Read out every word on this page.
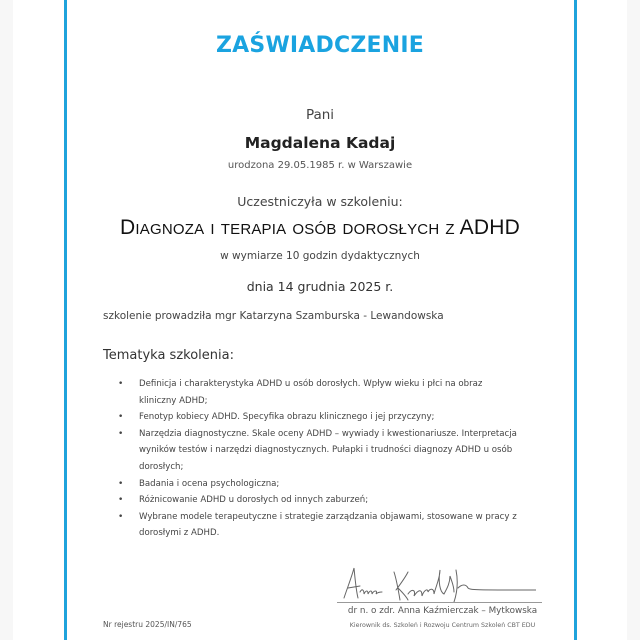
ZAŚWIADCZENIE
Pani
Magdalena Kadaj
urodzona 29.05.1985 r. w Warszawie
Uczestniczyła w szkoleniu:
Diagnoza i terapia osób dorosłych z ADHD
w wymiarze 10 godzin dydaktycznych
dnia 14 grudnia 2025 r.
szkolenie prowadziła mgr Katarzyna Szamburska - Lewandowska
Tematyka szkolenia:
• Definicja i charakterystyka ADHD u osób dorosłych. Wpływ wieku i płci na obraz kliniczny ADHD;
• Fenotyp kobiecy ADHD. Specyfika obrazu klinicznego i jej przyczyny;
• Narzędzia diagnostyczne. Skale oceny ADHD – wywiady i kwestionariusze. Interpretacja wyników testów i narzędzi diagnostycznych. Pułapki i trudności diagnozy ADHD u osób dorosłych;
• Badania i ocena psychologiczna;
• Różnicowanie ADHD u dorosłych od innych zaburzeń;
• Wybrane modele terapeutyczne i strategie zarządzania objawami, stosowane w pracy z dorosłymi z ADHD.
dr n. o zdr. Anna Kaźmierczak – Mytkowska
Kierownik ds. Szkoleń i Rozwoju Centrum Szkoleń CBT EDU
Nr rejestru 2025/IN/765
